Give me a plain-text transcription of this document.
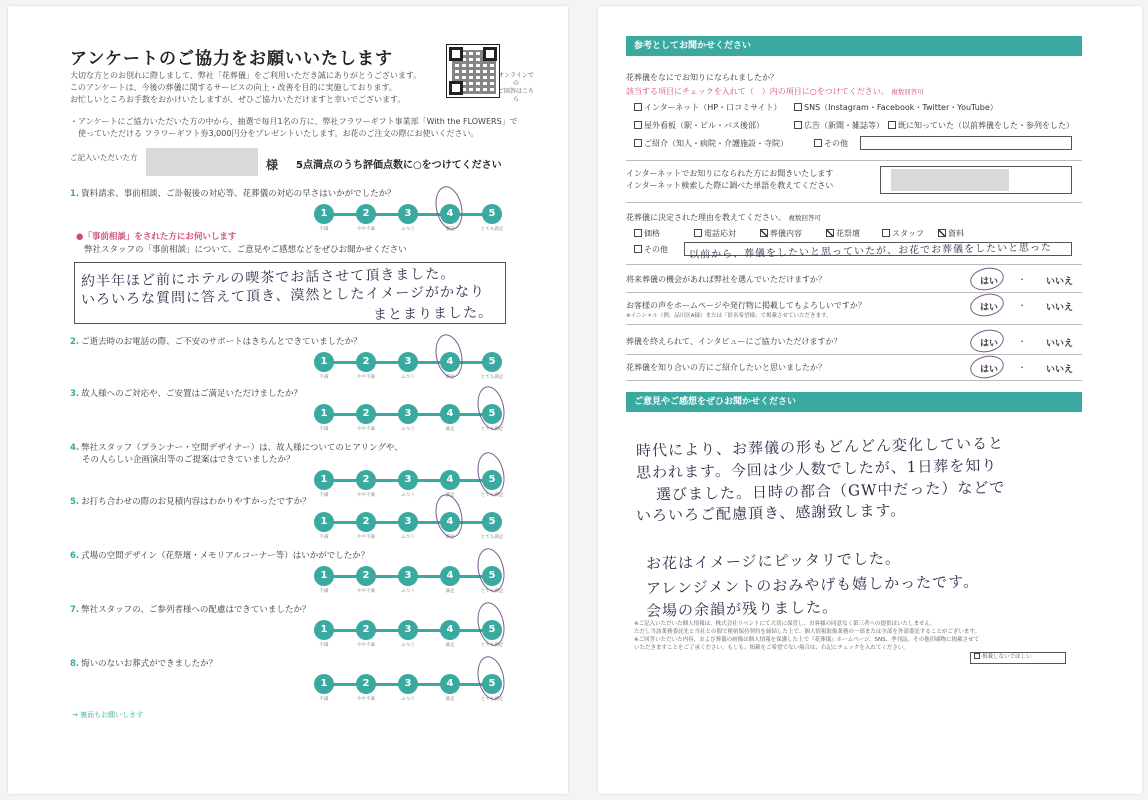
アンケートのご協力をお願いいたします
大切な方とのお別れに際しまして、弊社「花葬儀」をご利用いただき誠にありがとうございます。
このアンケートは、今後の葬儀に関するサービスの向上・改善を目的に実施しております。
お忙しいところお手数をおかけいたしますが、ぜひご協力いただけますと幸いでございます。
オンラインでの
ご回答はこちら
・アンケートにご協力いただいた方の中から、抽選で毎月1名の方に、弊社フラワーギフト事業部「With the FLOWERS」で
使っていただける フラワーギフト券3,000円分をプレゼントいたします。お花のご注文の際にお使いください。
ご記入いただいた方
様 5点満点のうち評価点数に○をつけてください
●「事前相談」をされた方にお伺いします
弊社スタッフの「事前相談」について、ご意見やご感想などをぜひお聞かせください
約半年ほど前にホテルの喫茶でお話させて頂きました。
いろいろな質問に答えて頂き、漠然としたイメージがかなり
まとまりました。
→ 裏面もお願いします
1. 資料請求、事前相談、ご訃報後の対応等、花葬儀の対応の早さはいかがでしたか？
1
不満
2
やや不満
3
ふつう
4
満足
5
とても満足
2. ご逝去時のお電話の際、ご不安のサポートはきちんとできていましたか？
1
不満
2
やや不満
3
ふつう
4
満足
5
とても満足
3. 故人様へのご対応や、ご安置はご満足いただけましたか？
1
不満
2
やや不満
3
ふつう
4
満足
5
とても満足
4. 弊社スタッフ（プランナー・空間デザイナー）は、故人様についてのヒアリングや、
その人らしい企画演出等のご提案はできていましたか？
1
不満
2
やや不満
3
ふつう
4
満足
5
とても満足
5. お打ち合わせの際のお見積内容はわかりやすかったですか？
1
不満
2
やや不満
3
ふつう
4
満足
5
とても満足
6. 式場の空間デザイン（花祭壇・メモリアルコーナー等）はいかがでしたか？
1
不満
2
やや不満
3
ふつう
4
満足
5
とても満足
7. 弊社スタッフの、ご参列者様への配慮はできていましたか？
1
不満
2
やや不満
3
ふつう
4
満足
5
とても満足
8. 悔いのないお葬式ができましたか？
1
不満
2
やや不満
3
ふつう
4
満足
5
とても満足
参考としてお聞かせください
花葬儀をなにでお知りになられましたか？
該当する項目にチェックを入れて（　）内の項目に○をつけてください。 複数回答可
インターネット（HP・口コミサイト）	SNS（Instagram・Facebook・Twitter・YouTube）
屋外看板（駅・ビル・バス後部）	広告（新聞・雑誌等）	既に知っていた（以前葬儀をした・参列をした）
ご紹介（知人・病院・介護施設・寺院）	その他
インターネットでお知りになられた方にお聞きいたします
インターネット検索した際に調べた単語を教えてください
花葬儀に決定された理由を教えてください。 複数回答可
以前から、葬儀をしたいと思っていたが、お花でお葬儀をしたいと思った
ご意見やご感想をぜひお聞かせください
※ご記入いただいた個人情報は、株式会社リベントにて大切に保管し、お客様の同意なく第三者への提供はいたしません。
ただし当該業務委託先と当社との間で秘密保持契約を締結した上で、個人情報取扱業務の一部または全部を外部委託することがございます。
※ご回答いただいた内容、および葬儀の画像は個人情報を保護した上で『花葬儀』ホームページ、SNS、季刊誌、その他印刷物に掲載させて
いただきますことをご了承ください。もしも、掲載をご希望でない場合は、右記にチェックを入れてください。
掲載しないでほしい
価格	電話応対	葬儀内容	花祭壇	スタッフ	資料
その他
将来葬儀の機会があれば弊社を選んでいただけますか？	はい ・ いいえ
お客様の声をホームページや発行物に掲載してもよろしいですか？
※イニシャル（例：品川区A様）または「匿名希望様」で掲載させていただきます。
はい ・ いいえ
葬儀を終えられて、インタビューにご協力いただけますか？	はい ・ いいえ
花葬儀を知り合いの方にご紹介したいと思いましたか？	はい ・ いいえ
時代により、お葬儀の形もどんどん変化していると
思われます。今回は少人数でしたが、1日葬を知り
選びました。日時の都合（GW中だった）などで
いろいろご配慮頂き、感謝致します。
お花はイメージにピッタリでした。
アレンジメントのおみやげも嬉しかったです。
会場の余韻が残りました。
